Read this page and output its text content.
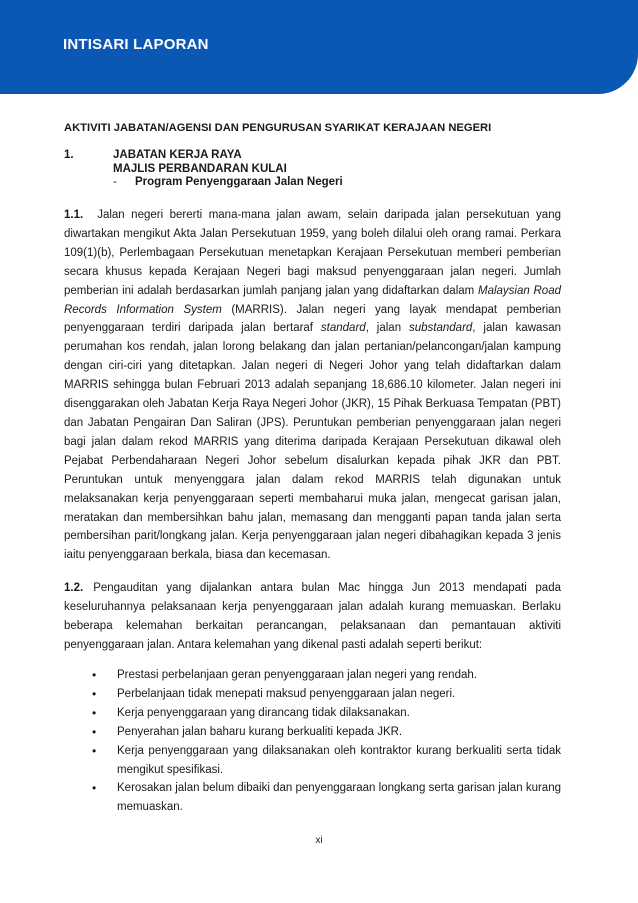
INTISARI LAPORAN
AKTIVITI JABATAN/AGENSI DAN PENGURUSAN SYARIKAT KERAJAAN NEGERI
1.	JABATAN KERJA RAYA
MAJLIS PERBANDARAN KULAI
- Program Penyenggaraan Jalan Negeri

1.1. Jalan negeri bererti mana-mana jalan awam, selain daripada jalan persekutuan yang diwartakan mengikut Akta Jalan Persekutuan 1959, yang boleh dilalui oleh orang ramai. Perkara 109(1)(b), Perlembagaan Persekutuan menetapkan Kerajaan Persekutuan memberi pemberian secara khusus kepada Kerajaan Negeri bagi maksud penyenggaraan jalan negeri. Jumlah pemberian ini adalah berdasarkan jumlah panjang jalan yang didaftarkan dalam Malaysian Road Records Information System (MARRIS). Jalan negeri yang layak mendapat pemberian penyenggaraan terdiri daripada jalan bertaraf standard, jalan substandard, jalan kawasan perumahan kos rendah, jalan lorong belakang dan jalan pertanian/pelancongan/jalan kampung dengan ciri-ciri yang ditetapkan. Jalan negeri di Negeri Johor yang telah didaftarkan dalam MARRIS sehingga bulan Februari 2013 adalah sepanjang 18,686.10 kilometer. Jalan negeri ini disenggarakan oleh Jabatan Kerja Raya Negeri Johor (JKR), 15 Pihak Berkuasa Tempatan (PBT) dan Jabatan Pengairan Dan Saliran (JPS). Peruntukan pemberian penyenggaraan jalan negeri bagi jalan dalam rekod MARRIS yang diterima daripada Kerajaan Persekutuan dikawal oleh Pejabat Perbendaharaan Negeri Johor sebelum disalurkan kepada pihak JKR dan PBT. Peruntukan untuk menyenggara jalan dalam rekod MARRIS telah digunakan untuk melaksanakan kerja penyenggaraan seperti membaharui muka jalan, mengecat garisan jalan, meratakan dan membersihkan bahu jalan, memasang dan mengganti papan tanda jalan serta pembersihan parit/longkang jalan. Kerja penyenggaraan jalan negeri dibahagikan kepada 3 jenis iaitu penyenggaraan berkala, biasa dan kecemasan.

1.2. Pengauditan yang dijalankan antara bulan Mac hingga Jun 2013 mendapati pada keseluruhannya pelaksanaan kerja penyenggaraan jalan adalah kurang memuaskan. Berlaku beberapa kelemahan berkaitan perancangan, pelaksanaan dan pemantauan aktiviti penyenggaraan jalan. Antara kelemahan yang dikenal pasti adalah seperti berikut:

• Prestasi perbelanjaan geran penyenggaraan jalan negeri yang rendah.
• Perbelanjaan tidak menepati maksud penyenggaraan jalan negeri.
• Kerja penyenggaraan yang dirancang tidak dilaksanakan.
• Penyerahan jalan baharu kurang berkualiti kepada JKR.
• Kerja penyenggaraan yang dilaksanakan oleh kontraktor kurang berkualiti serta tidak mengikut spesifikasi.
• Kerosakan jalan belum dibaiki dan penyenggaraan longkang serta garisan jalan kurang memuaskan.
xi
